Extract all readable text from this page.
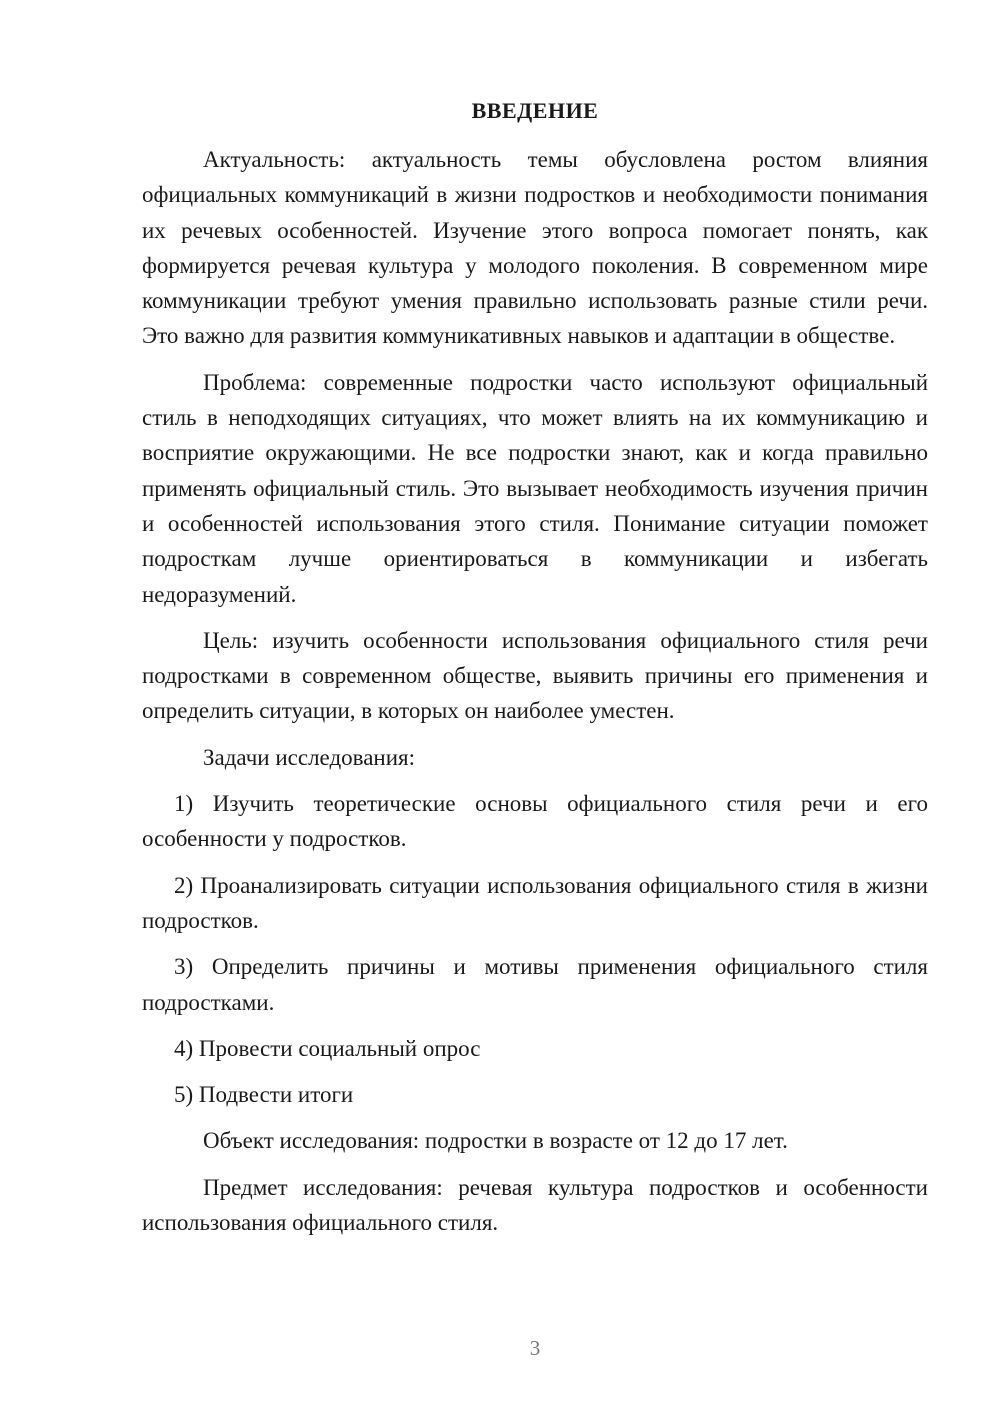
ВВЕДЕНИЕ

Актуальность: актуальность темы обусловлена ростом влияния официальных коммуникаций в жизни подростков и необходимости понимания их речевых особенностей. Изучение этого вопроса помогает понять, как формируется речевая культура у молодого поколения. В современном мире коммуникации требуют умения правильно использовать разные стили речи. Это важно для развития коммуникативных навыков и адаптации в обществе.

Проблема: современные подростки часто используют официальный стиль в неподходящих ситуациях, что может влиять на их коммуникацию и восприятие окружающими. Не все подростки знают, как и когда правильно применять официальный стиль. Это вызывает необходимость изучения причин и особенностей использования этого стиля. Понимание ситуации поможет подросткам лучше ориентироваться в коммуникации и избегать недоразумений.

Цель: изучить особенности использования официального стиля речи подростками в современном обществе, выявить причины его применения и определить ситуации, в которых он наиболее уместен.

Задачи исследования:

1) Изучить теоретические основы официального стиля речи и его особенности у подростков.

2) Проанализировать ситуации использования официального стиля в жизни подростков.

3) Определить причины и мотивы применения официального стиля подростками.

4) Провести социальный опрос

5) Подвести итоги

Объект исследования: подростки в возрасте от 12 до 17 лет.

Предмет исследования: речевая культура подростков и особенности использования официального стиля.

3
